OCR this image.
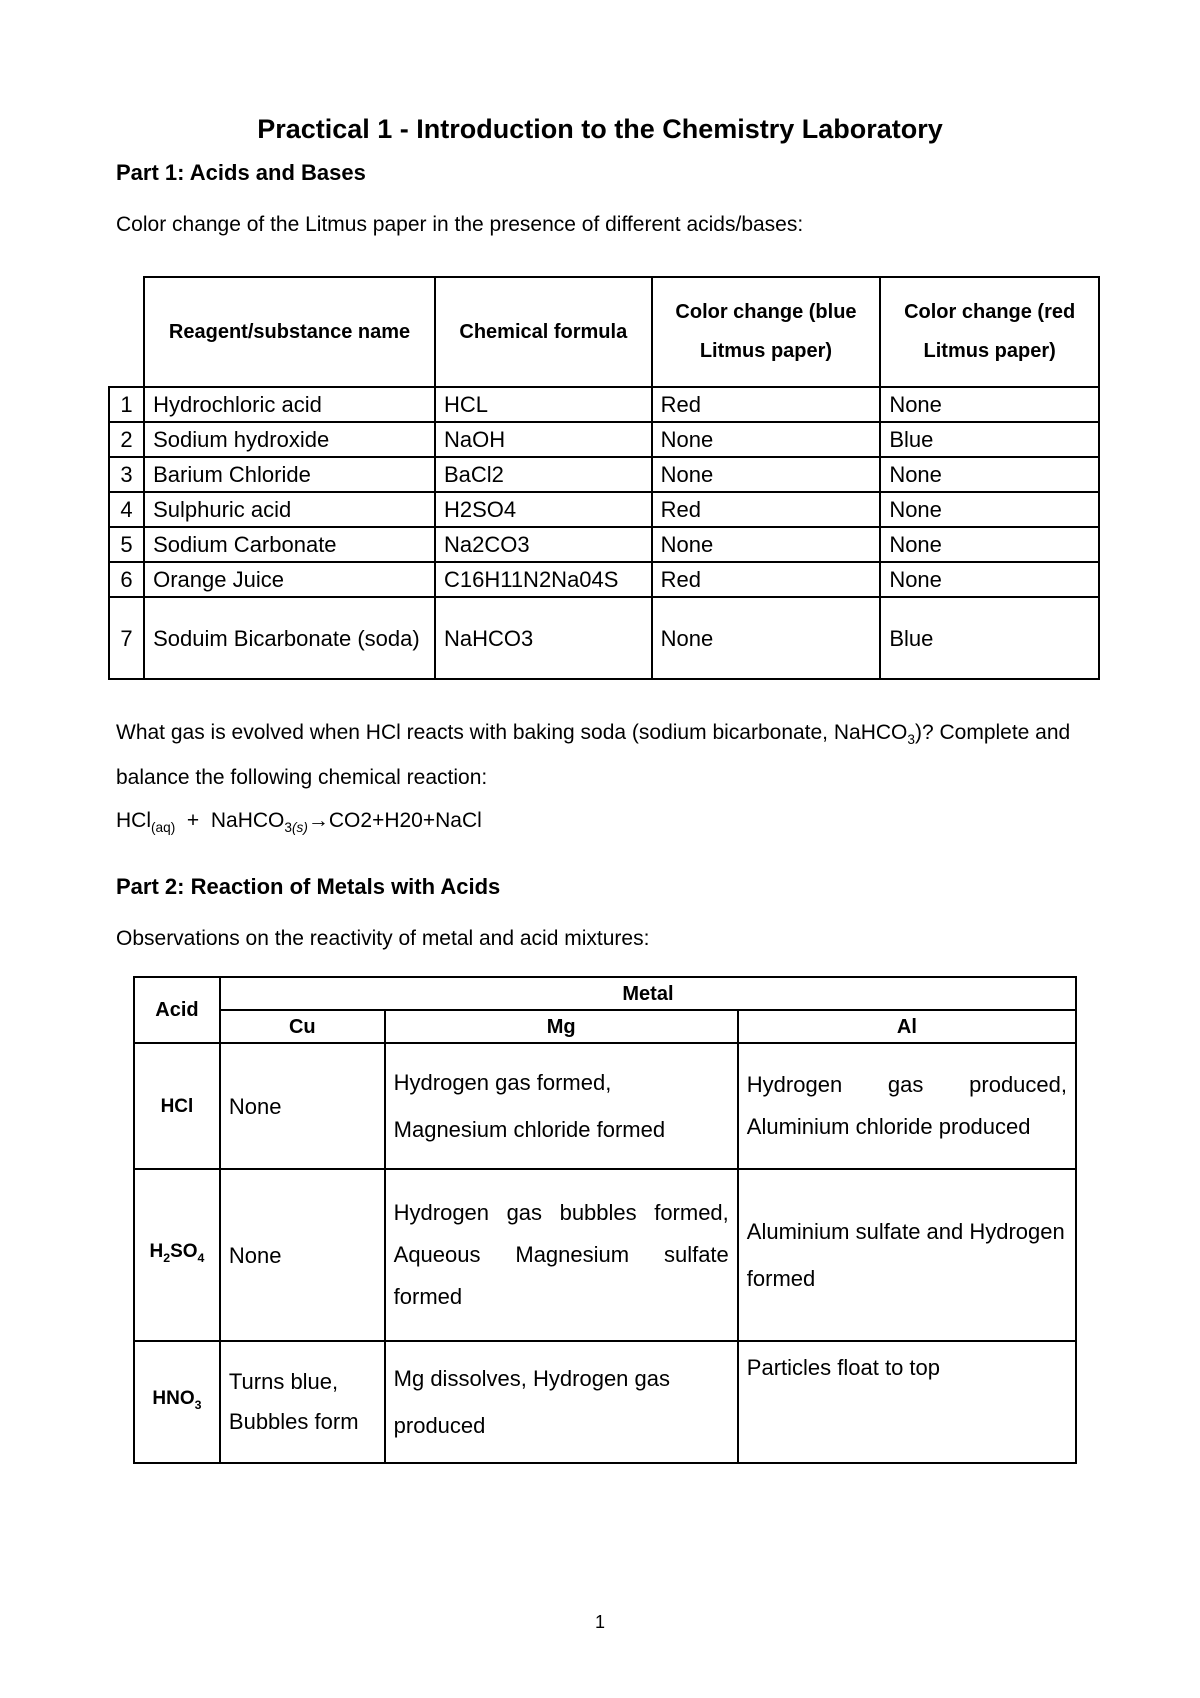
Practical 1 - Introduction to the Chemistry Laboratory
Part 1: Acids and Bases

Color change of the Litmus paper in the presence of different acids/bases:

	Reagent/substance name	Chemical formula	Color change (blue Litmus paper)	Color change (red Litmus paper)
1	Hydrochloric acid	HCL	Red	None
2	Sodium hydroxide	NaOH	None	Blue
3	Barium Chloride	BaCl2	None	None
4	Sulphuric acid	H2SO4	Red	None
5	Sodium Carbonate	Na2CO3	None	None
6	Orange Juice	C16H11N2Na04S	Red	None
7	Soduim Bicarbonate (soda)	NaHCO3	None	Blue

What gas is evolved when HCl reacts with baking soda (sodium bicarbonate, NaHCO$_3$)? Complete and balance the following chemical reaction:

HCl$_{(aq)}$  +  NaHCO$_{3(s)}$→CO2+H20+NaCl

Part 2: Reaction of Metals with Acids

Observations on the reactivity of metal and acid mixtures:

Acid	Metal		
	Cu	Mg	Al
HCl	None	Hydrogen gas formed, Magnesium chloride formed	Hydrogen gas produced, Aluminium chloride produced
$H_2SO_4$	None	Hydrogen gas bubbles formed, Aqueous Magnesium sulfate formed	Aluminium sulfate and Hydrogen formed
$HNO_3$	Turns blue, Bubbles form	Mg dissolves, Hydrogen gas produced	Particles float to top
1
